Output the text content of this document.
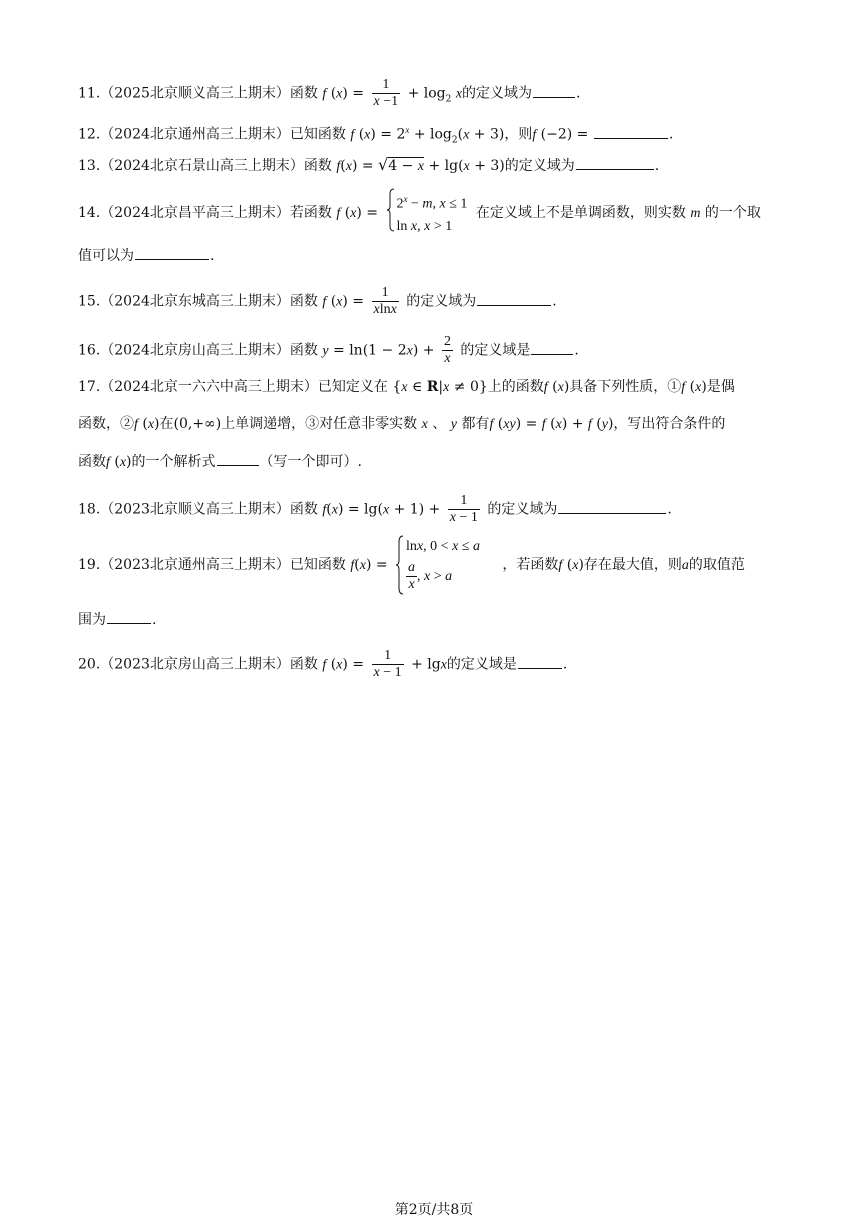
11.（2025北京顺义高三上期末）函数 f $(x) = \frac{1}{x -1} + \log_2 x$的定义域为	.
12.（2024北京通州高三上期末）已知函数 f $(x) = 2^x + \log_2(x + 3)$，则f (−2) =	.
13.（2024北京石景山高三上期末）函数 f(x) = √4 − x + lg(x + 3)的定义域为	.
14.（2024北京昌平高三上期末）若函数 f (x) =
$2^x - m$, x ≤ 1
ln x, x > 1
在定义域上不是单调函数，则实数 m 的一个取
值可以为	.
15.（2024北京东城高三上期末）函数 f $(x) = \frac{1}{xlnx}$ 的定义域为	.
16.（2024北京房山高三上期末）函数 $y = \ln(1 - 2x) + \frac{2}{x}$ 的定义域是	.
17.（2024北京一六六中高三上期末）已知定义在 {x ∈ R|x ≠ 0}上的函数f (x)具备下列性质，①f (x)是偶
函数，②f (x)在(0,+∞)上单调递增，③对任意非零实数 x 、 y 都有f (xy) = f (x) + f (y)，写出符合条件的
函数f (x)的一个解析式	（写一个即可）.
18.（2023北京顺义高三上期末）函数 $f(x) = \lg(x + 1) + \frac{1}{x - 1}$ 的定义域为	.
19.（2023北京通州高三上期末）已知函数 f(x) =
lnx, 0 < x ≤ a
$\frac{a}{x}$ , x > a
，若函数f (x)存在最大值，则a的取值范
围为	.
20.（2023北京房山高三上期末）函数 f $(x) = \frac{1}{x - 1} + \lg x$的定义域是	.
第2页/共8页
